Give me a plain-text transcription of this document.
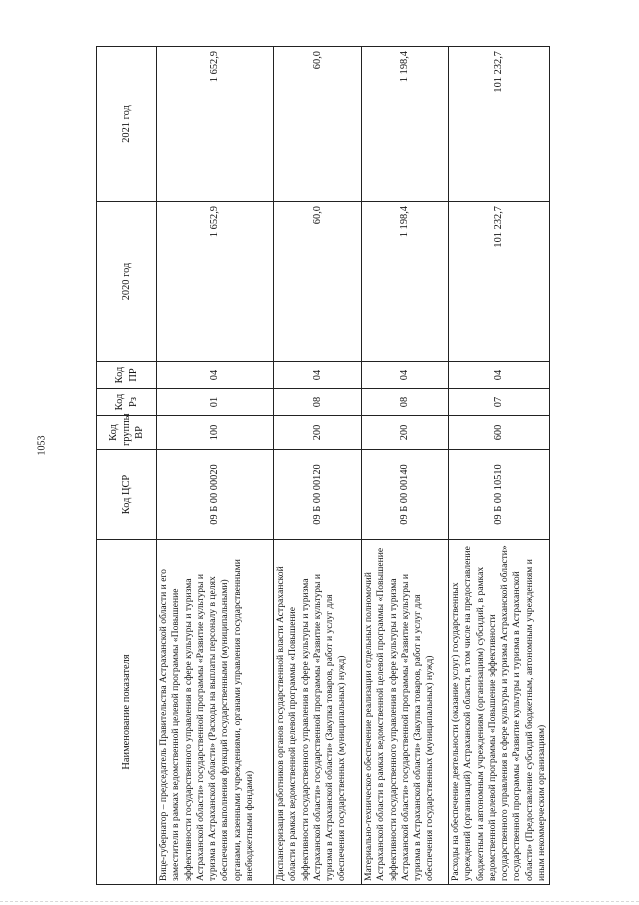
1053
Наименование показателя	Код ЦСР	Код группы ВР	Код Рз	Код ПР	2020 год	2021 год
Вице-губернатор – председатель Правительства Астраханской области и его заместители в рамках ведомственной целевой программы «Повышение эффективности государственного управления в сфере культуры и туризма Астраханской области» государственной программы «Развитие культуры и туризма в Астраханской области» (Расходы на выплаты персоналу в целях обеспечения выполнения функций государственными (муниципальными) органами, казенными учреждениями, органами управления государственными внебюджетными фондами)	09 Б 00 00020	100	01	04	1 652,9	1 652,9
Диспансеризация работников органов государственной власти Астраханской области в рамках ведомственной целевой программы «Повышение эффективности государственного управления в сфере культуры и туризма Астраханской области» государственной программы «Развитие культуры и туризма в Астраханской области» (Закупка товаров, работ и услуг для обеспечения государственных (муниципальных) нужд)	09 Б 00 00120	200	08	04	60,0	60,0
Материально-техническое обеспечение реализации отдельных полномочий Астраханской области в рамках ведомственной целевой программы «Повышение эффективности государственного управления в сфере культуры и туризма Астраханской области» государственной программы «Развитие культуры и туризма в Астраханской области» (Закупка товаров, работ и услуг для обеспечения государственных (муниципальных) нужд)	09 Б 00 00140	200	08	04	1 198,4	1 198,4
Расходы на обеспечение деятельности (оказание услуг) государственных учреждений (организаций) Астраханской области, в том числе на предоставление бюджетным и автономным учреждениям (организациям) субсидий, в рамках ведомственной целевой программы «Повышение эффективности государственного управления в сфере культуры и туризма Астраханской области» государственной программы «Развитие культуры и туризма в Астраханской области» (Предоставление субсидий бюджетным, автономным учреждениям и иным некоммерческим организациям)	09 Б 00 10510	600	07	04	101 232,7	101 232,7
